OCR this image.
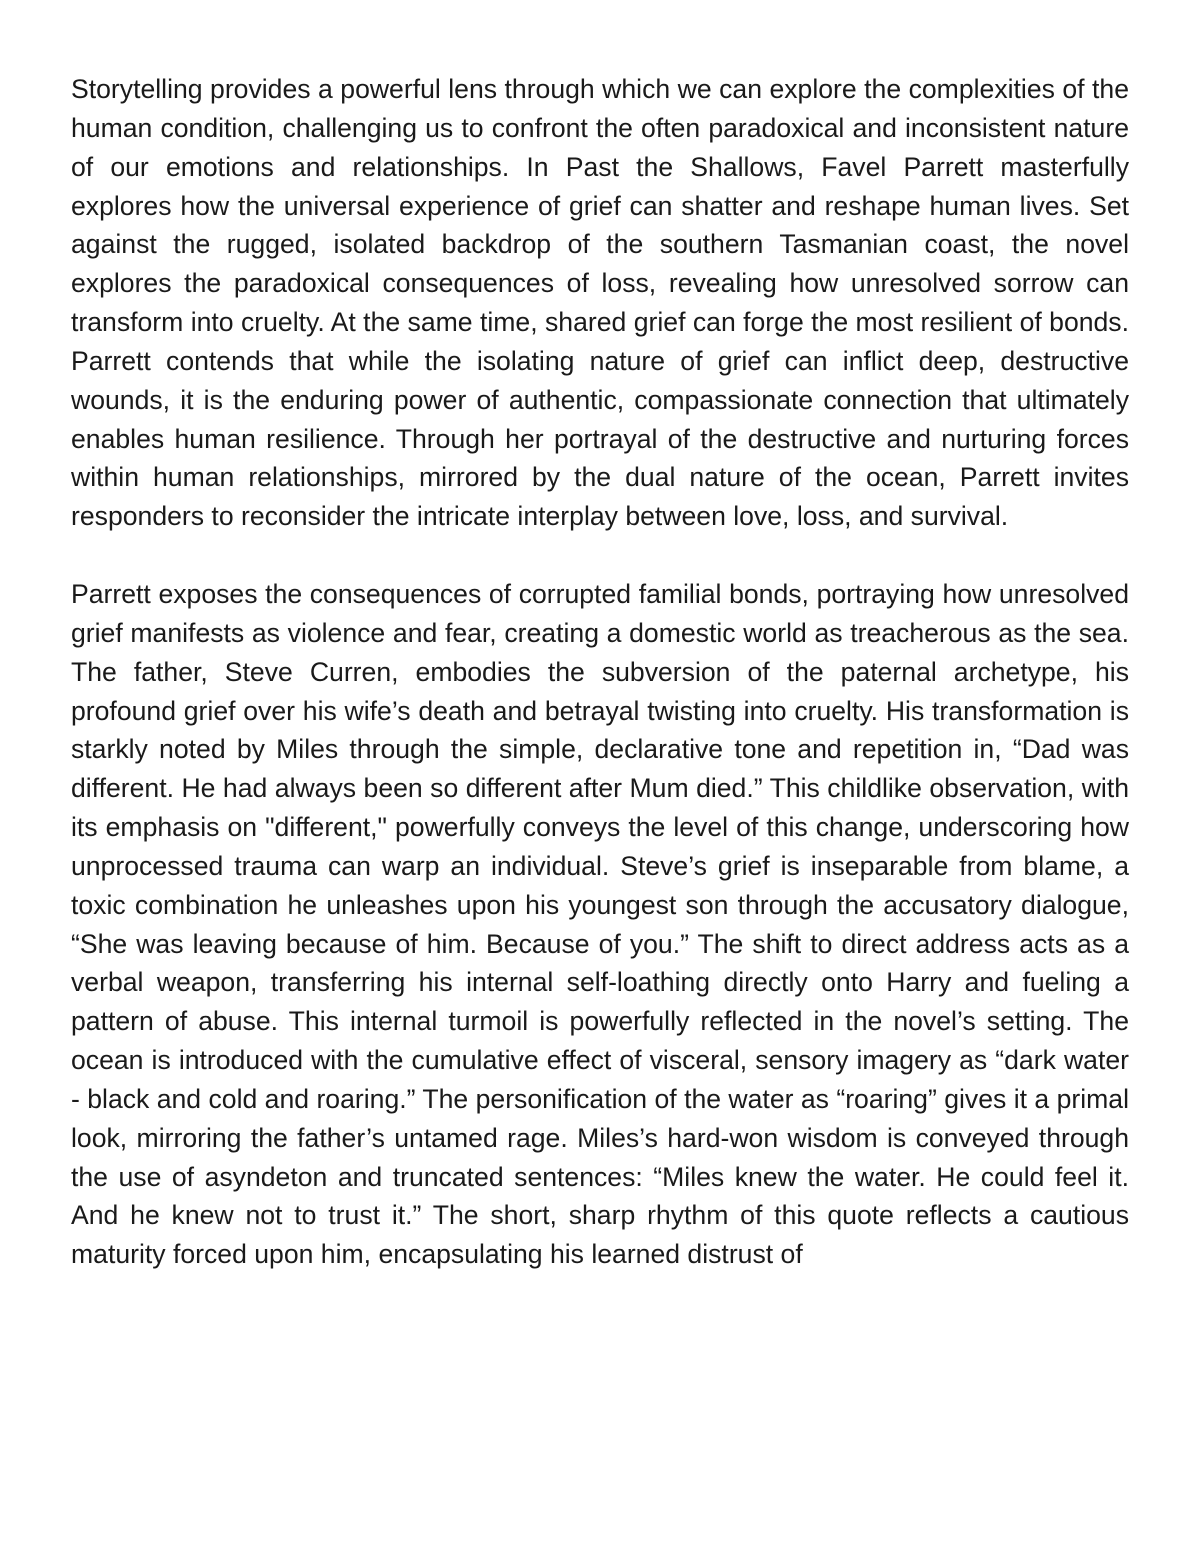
Storytelling provides a powerful lens through which we can explore the complexities of the human condition, challenging us to confront the often paradoxical and inconsistent nature of our emotions and relationships. In Past the Shallows, Favel Parrett masterfully explores how the universal experience of grief can shatter and reshape human lives. Set against the rugged, isolated backdrop of the southern Tasmanian coast, the novel explores the paradoxical consequences of loss, revealing how unresolved sorrow can transform into cruelty. At the same time, shared grief can forge the most resilient of bonds. Parrett contends that while the isolating nature of grief can inflict deep, destructive wounds, it is the enduring power of authentic, compassionate connection that ultimately enables human resilience. Through her portrayal of the destructive and nurturing forces within human relationships, mirrored by the dual nature of the ocean, Parrett invites responders to reconsider the intricate interplay between love, loss, and survival.

Parrett exposes the consequences of corrupted familial bonds, portraying how unresolved grief manifests as violence and fear, creating a domestic world as treacherous as the sea. The father, Steve Curren, embodies the subversion of the paternal archetype, his profound grief over his wife’s death and betrayal twisting into cruelty. His transformation is starkly noted by Miles through the simple, declarative tone and repetition in, “Dad was different. He had always been so different after Mum died.” This childlike observation, with its emphasis on "different," powerfully conveys the level of this change, underscoring how unprocessed trauma can warp an individual. Steve’s grief is inseparable from blame, a toxic combination he unleashes upon his youngest son through the accusatory dialogue, “She was leaving because of him. Because of you.” The shift to direct address acts as a verbal weapon, transferring his internal self-loathing directly onto Harry and fueling a pattern of abuse. This internal turmoil is powerfully reflected in the novel’s setting. The ocean is introduced with the cumulative effect of visceral, sensory imagery as “dark water - black and cold and roaring.” The personification of the water as “roaring” gives it a primal look, mirroring the father’s untamed rage. Miles’s hard-won wisdom is conveyed through the use of asyndeton and truncated sentences: “Miles knew the water. He could feel it. And he knew not to trust it.” The short, sharp rhythm of this quote reflects a cautious maturity forced upon him, encapsulating his learned distrust of
